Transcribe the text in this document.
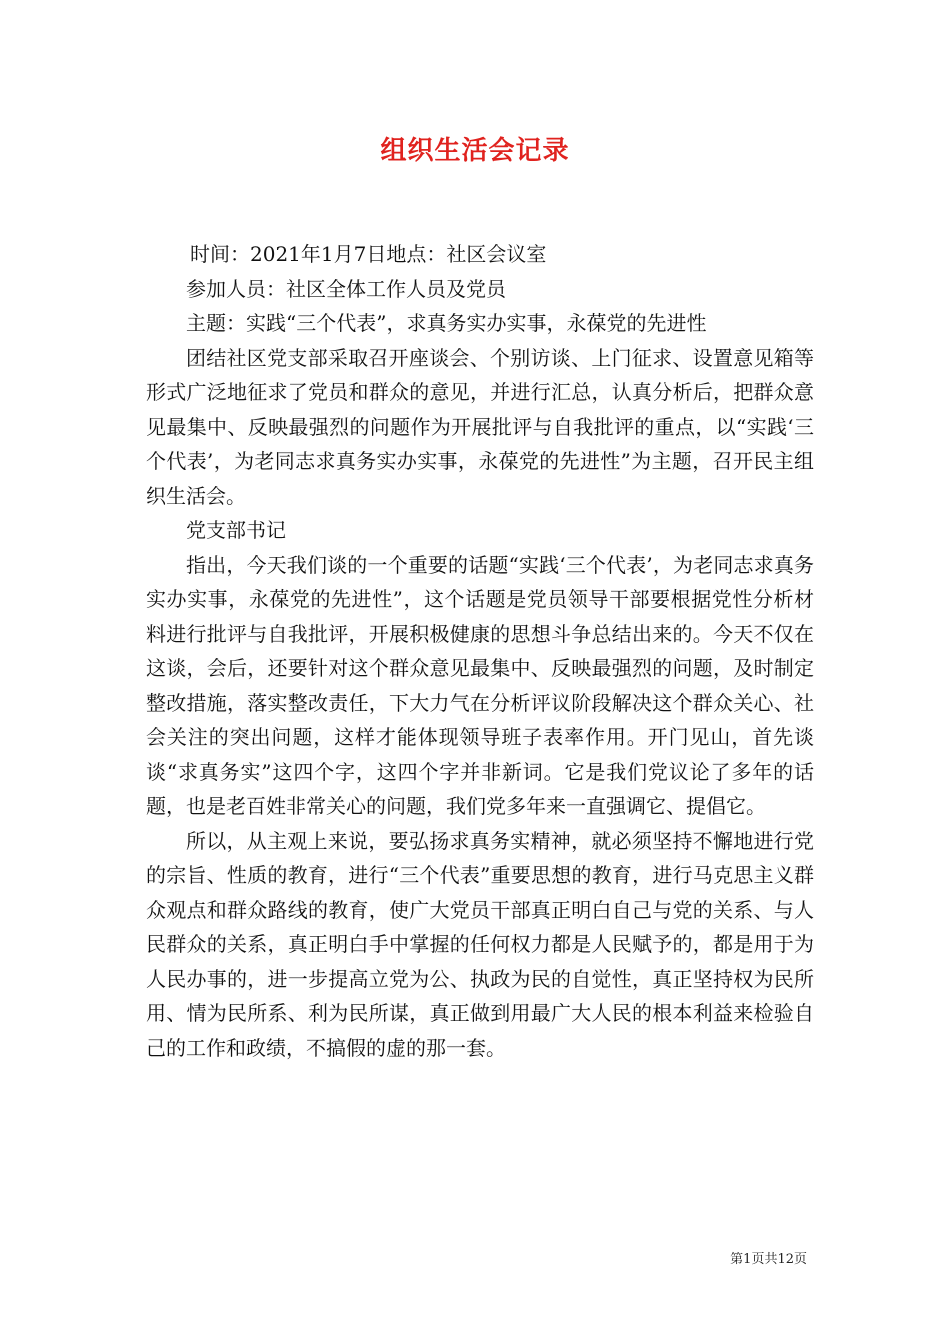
组织生活会记录

时间：2021年1月7日地点：社区会议室

参加人员：社区全体工作人员及党员

主题：实践“三个代表”，求真务实办实事，永葆党的先进性

团结社区党支部采取召开座谈会、个别访谈、上门征求、设置意见箱等形式广泛地征求了党员和群众的意见，并进行汇总，认真分析后，把群众意见最集中、反映最强烈的问题作为开展批评与自我批评的重点，以“实践‘三个代表’，为老同志求真务实办实事，永葆党的先进性”为主题，召开民主组织生活会。

党支部书记

指出，今天我们谈的一个重要的话题“实践‘三个代表’，为老同志求真务实办实事，永葆党的先进性”，这个话题是党员领导干部要根据党性分析材料进行批评与自我批评，开展积极健康的思想斗争总结出来的。今天不仅在这谈，会后，还要针对这个群众意见最集中、反映最强烈的问题，及时制定整改措施，落实整改责任，下大力气在分析评议阶段解决这个群众关心、社会关注的突出问题，这样才能体现领导班子表率作用。开门见山，首先谈谈“求真务实”这四个字，这四个字并非新词。它是我们党议论了多年的话题，也是老百姓非常关心的问题，我们党多年来一直强调它、提倡它。

所以，从主观上来说，要弘扬求真务实精神，就必须坚持不懈地进行党的宗旨、性质的教育，进行“三个代表”重要思想的教育，进行马克思主义群众观点和群众路线的教育，使广大党员干部真正明白自己与党的关系、与人民群众的关系，真正明白手中掌握的任何权力都是人民赋予的，都是用于为人民办事的，进一步提高立党为公、执政为民的自觉性，真正坚持权为民所用、情为民所系、利为民所谋，真正做到用最广大人民的根本利益来检验自己的工作和政绩，不搞假的虚的那一套。

第1页共12页
